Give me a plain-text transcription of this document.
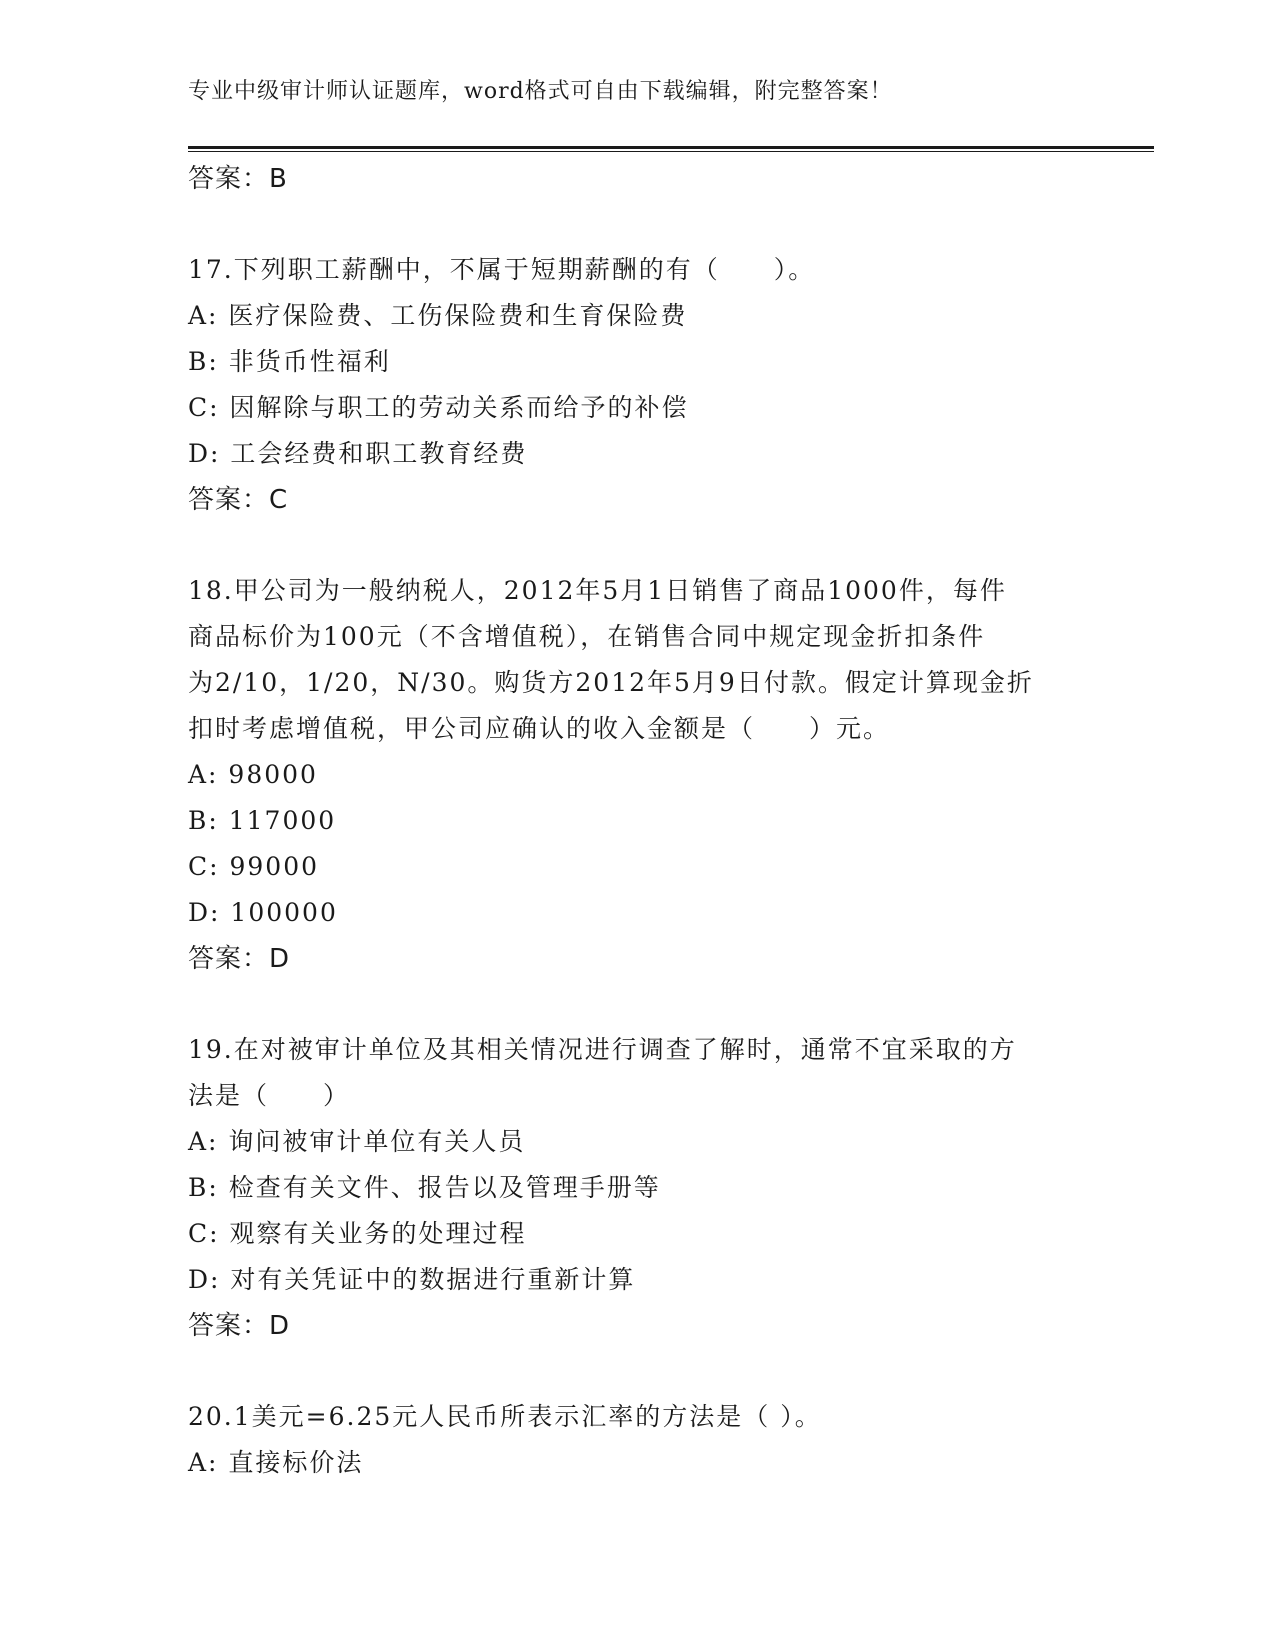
专业中级审计师认证题库，word格式可自由下载编辑，附完整答案！
答案：B
17.下列职工薪酬中，不属于短期薪酬的有（　　）。
A: 医疗保险费、工伤保险费和生育保险费
B: 非货币性福利
C: 因解除与职工的劳动关系而给予的补偿
D: 工会经费和职工教育经费
答案：C
18.甲公司为一般纳税人，2012年5月1日销售了商品1000件，每件
商品标价为100元（不含增值税），在销售合同中规定现金折扣条件
为2/10，1/20，N/30。购货方2012年5月9日付款。假定计算现金折
扣时考虑增值税，甲公司应确认的收入金额是（　　）元。
A: 98000
B: 117000
C: 99000
D: 100000
答案：D
19.在对被审计单位及其相关情况进行调查了解时，通常不宜采取的方
法是（　　）
A: 询问被审计单位有关人员
B: 检查有关文件、报告以及管理手册等
C: 观察有关业务的处理过程
D: 对有关凭证中的数据进行重新计算
答案：D
20.1美元=6.25元人民币所表示汇率的方法是（ ）。
A: 直接标价法
